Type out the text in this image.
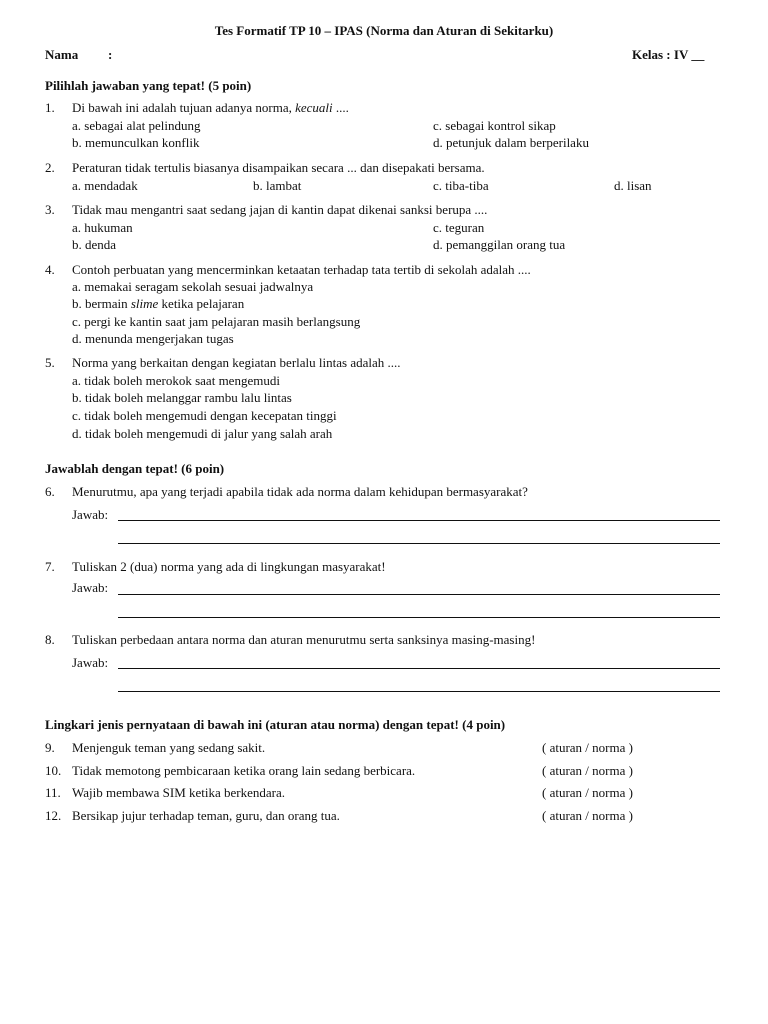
Tes Formatif TP 10 – IPAS (Norma dan Aturan di Sekitarku)
Nama :	Kelas : IV __
Pilihlah jawaban yang tepat! (5 poin)
1. Di bawah ini adalah tujuan adanya norma, kecuali ....
a. sebagai alat pelindung
b. memunculkan konflik
c. sebagai kontrol sikap
d. petunjuk dalam berperilaku
2. Peraturan tidak tertulis biasanya disampaikan secara ... dan disepakati bersama.
a. mendadak	b. lambat	c. tiba-tiba	d. lisan
3. Tidak mau mengantri saat sedang jajan di kantin dapat dikenai sanksi berupa ....
a. hukuman
b. denda
c. teguran
d. pemanggilan orang tua
4. Contoh perbuatan yang mencerminkan ketaatan terhadap tata tertib di sekolah adalah ....
a. memakai seragam sekolah sesuai jadwalnya
b. bermain slime ketika pelajaran
c. pergi ke kantin saat jam pelajaran masih berlangsung
d. menunda mengerjakan tugas
5. Norma yang berkaitan dengan kegiatan berlalu lintas adalah ....
a. tidak boleh merokok saat mengemudi
b. tidak boleh melanggar rambu lalu lintas
c. tidak boleh mengemudi dengan kecepatan tinggi
d. tidak boleh mengemudi di jalur yang salah arah
Jawablah dengan tepat! (6 poin)
6. Menurutmu, apa yang terjadi apabila tidak ada norma dalam kehidupan bermasyarakat?
Jawab:
7. Tuliskan 2 (dua) norma yang ada di lingkungan masyarakat!
Jawab:
8. Tuliskan perbedaan antara norma dan aturan menurutmu serta sanksinya masing-masing!
Jawab:
Lingkari jenis pernyataan di bawah ini (aturan atau norma) dengan tepat! (4 poin)
9. Menjenguk teman yang sedang sakit.	( aturan / norma )
10. Tidak memotong pembicaraan ketika orang lain sedang berbicara.	( aturan / norma )
11. Wajib membawa SIM ketika berkendara.	( aturan / norma )
12. Bersikap jujur terhadap teman, guru, dan orang tua.	( aturan / norma )
